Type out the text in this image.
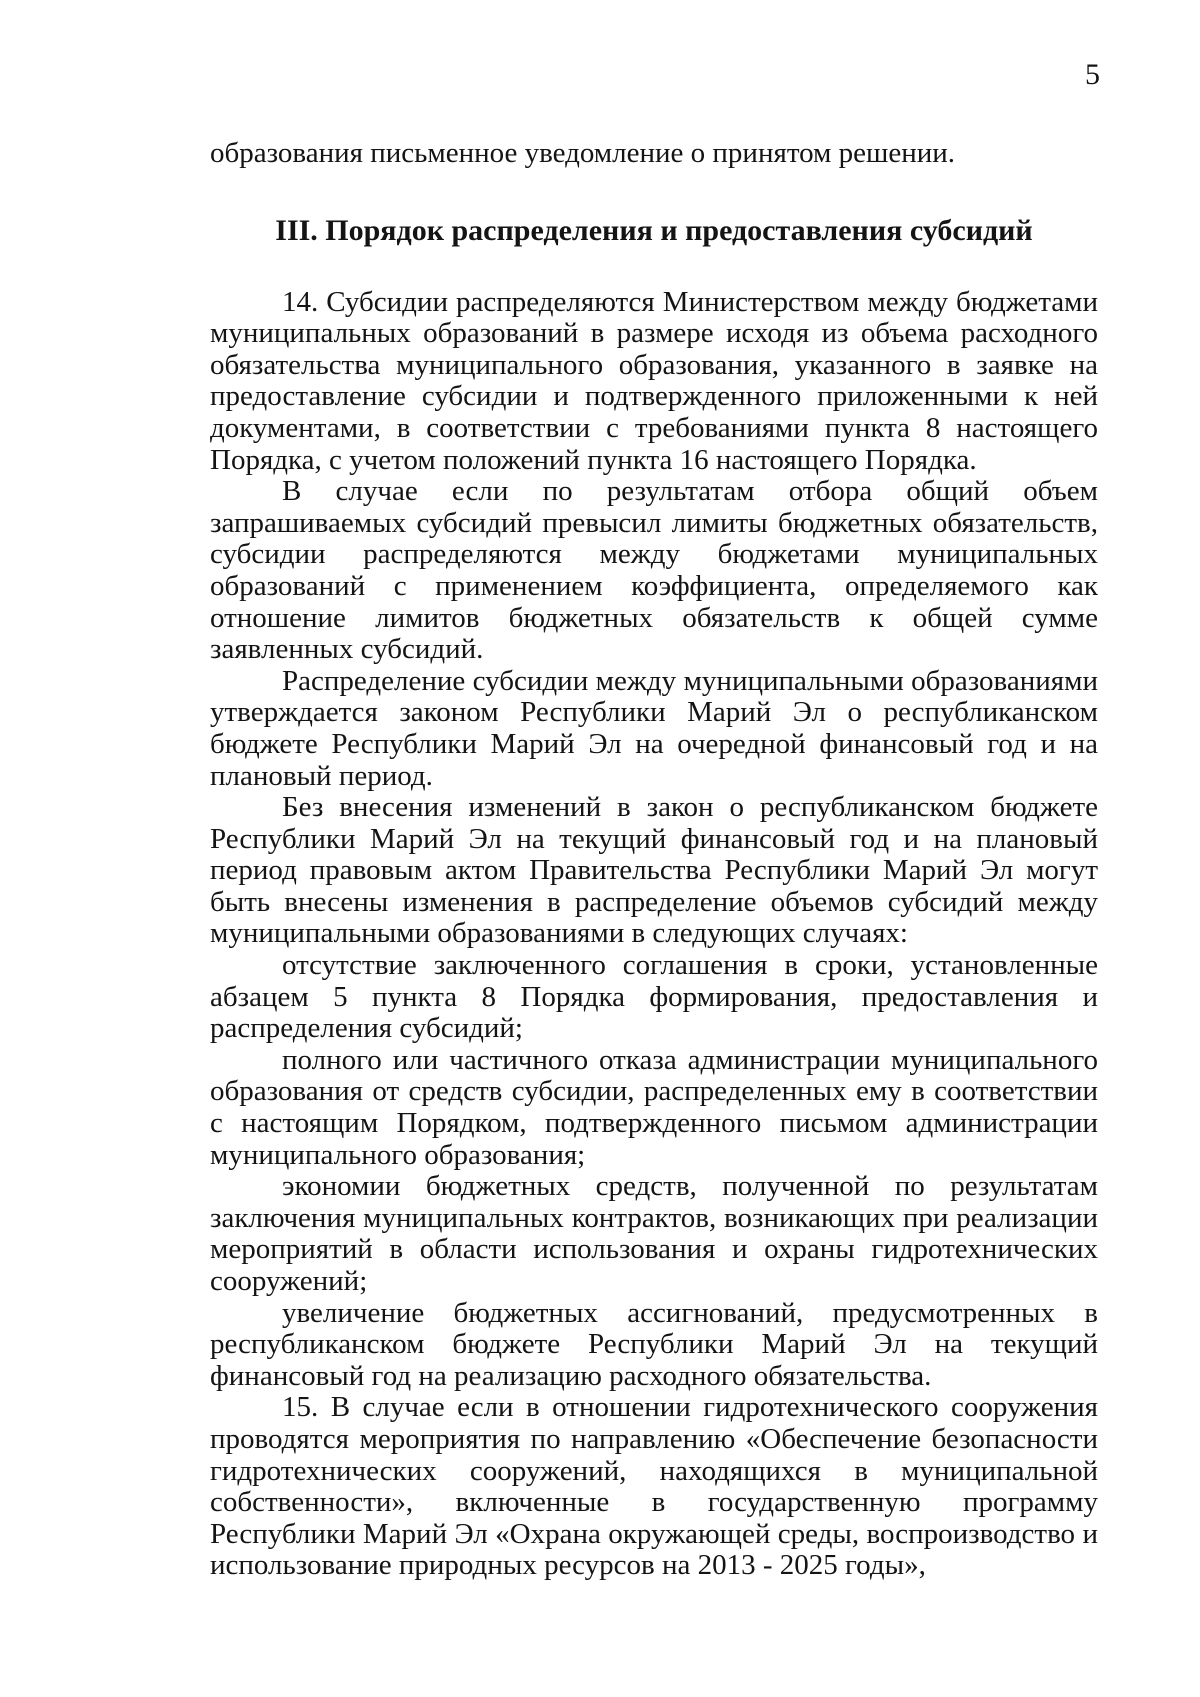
5

образования письменное уведомление о принятом решении.

III. Порядок распределения и предоставления субсидий

14. Субсидии распределяются Министерством между бюджетами муниципальных образований в размере исходя из объема расходного обязательства муниципального образования, указанного в заявке на предоставление субсидии и подтвержденного приложенными к ней документами, в соответствии с требованиями пункта 8 настоящего Порядка, с учетом положений пункта 16 настоящего Порядка.

В случае если по результатам отбора общий объем запрашиваемых субсидий превысил лимиты бюджетных обязательств, субсидии распределяются между бюджетами муниципальных образований с применением коэффициента, определяемого как отношение лимитов бюджетных обязательств к общей сумме заявленных субсидий.

Распределение субсидии между муниципальными образованиями утверждается законом Республики Марий Эл о республиканском бюджете Республики Марий Эл на очередной финансовый год и на плановый период.

Без внесения изменений в закон о республиканском бюджете Республики Марий Эл на текущий финансовый год и на плановый период правовым актом Правительства Республики Марий Эл могут быть внесены изменения в распределение объемов субсидий между муниципальными образованиями в следующих случаях:

отсутствие заключенного соглашения в сроки, установленные абзацем 5 пункта 8 Порядка формирования, предоставления и распределения субсидий;

полного или частичного отказа администрации муниципального образования от средств субсидии, распределенных ему в соответствии с настоящим Порядком, подтвержденного письмом администрации муниципального образования;

экономии бюджетных средств, полученной по результатам заключения муниципальных контрактов, возникающих при реализации мероприятий в области использования и охраны гидротехнических сооружений;

увеличение бюджетных ассигнований, предусмотренных в республиканском бюджете Республики Марий Эл на текущий финансовый год на реализацию расходного обязательства.

15. В случае если в отношении гидротехнического сооружения проводятся мероприятия по направлению «Обеспечение безопасности гидротехнических сооружений, находящихся в муниципальной собственности», включенные в государственную программу Республики Марий Эл «Охрана окружающей среды, воспроизводство и использование природных ресурсов на 2013 - 2025 годы»,
